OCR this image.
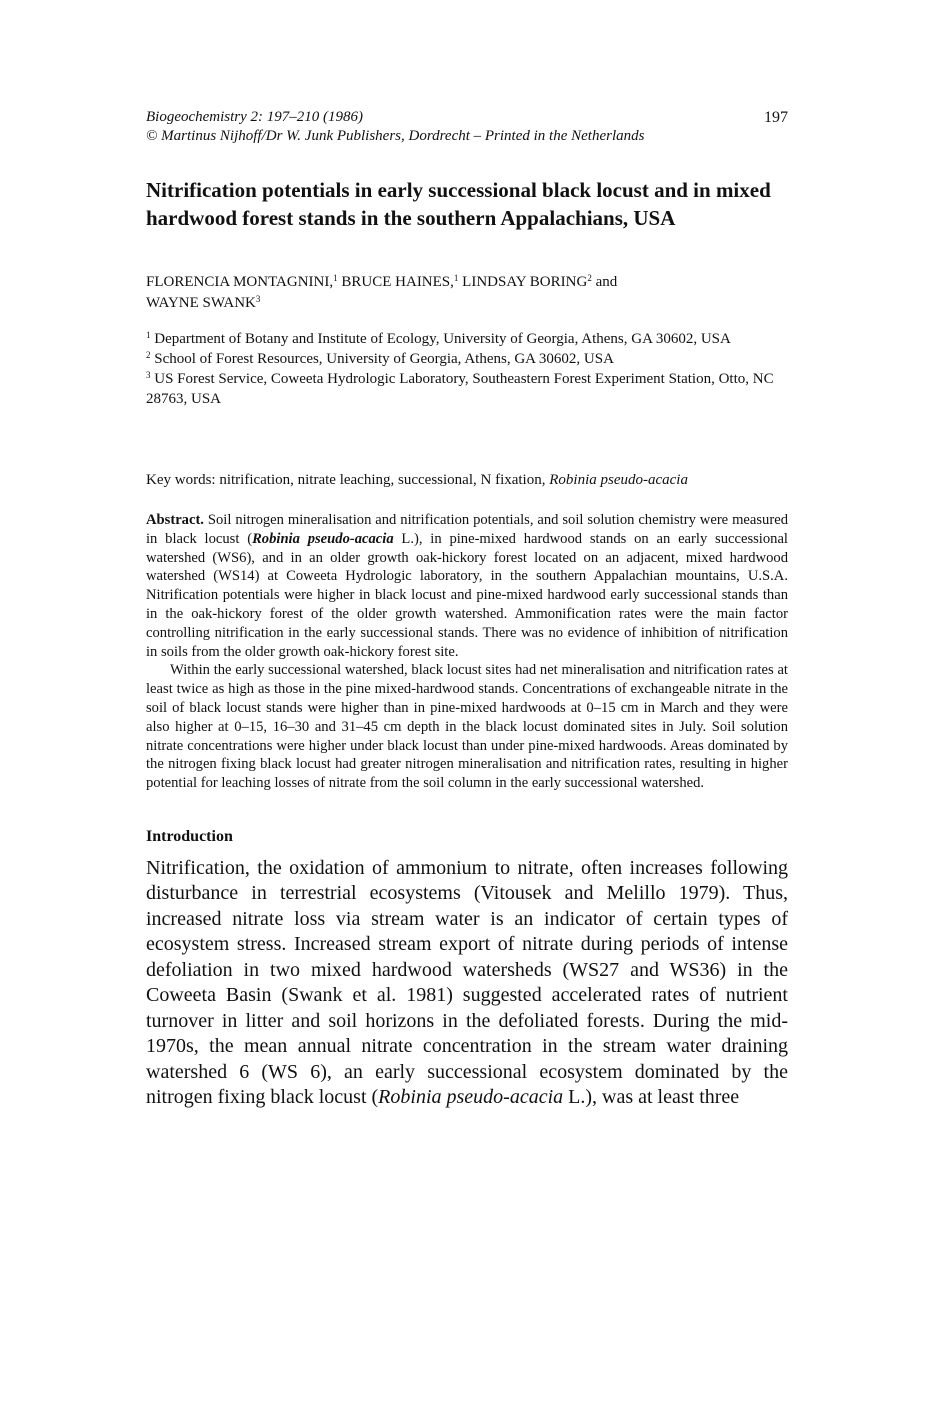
Biogeochemistry 2: 197–210 (1986)
© Martinus Nijhoff/Dr W. Junk Publishers, Dordrecht – Printed in the Netherlands
197
Nitrification potentials in early successional black locust and in mixed hardwood forest stands in the southern Appalachians, USA
FLORENCIA MONTAGNINI,$^1$ BRUCE HAINES,$^1$ LINDSAY BORING$^2$ and
WAYNE SWANK$^3$
$^1$ Department of Botany and Institute of Ecology, University of Georgia, Athens, GA 30602, USA
$^2$ School of Forest Resources, University of Georgia, Athens, GA 30602, USA
$^3$ US Forest Service, Coweeta Hydrologic Laboratory, Southeastern Forest Experiment Station, Otto, NC 28763, USA
Key words: nitrification, nitrate leaching, successional, N fixation, Robinia pseudo-acacia

Abstract. Soil nitrogen mineralisation and nitrification potentials, and soil solution chemistry were measured in black locust (Robinia pseudo-acacia L.), in pine-mixed hardwood stands on an early successional watershed (WS6), and in an older growth oak-hickory forest located on an adjacent, mixed hardwood watershed (WS14) at Coweeta Hydrologic laboratory, in the southern Appalachian mountains, U.S.A. Nitrification potentials were higher in black locust and pine-mixed hardwood early successional stands than in the oak-hickory forest of the older growth watershed. Ammonification rates were the main factor controlling nitrification in the early successional stands. There was no evidence of inhibition of nitrification in soils from the older growth oak-hickory forest site.

Within the early successional watershed, black locust sites had net mineralisation and nitrification rates at least twice as high as those in the pine mixed-hardwood stands. Concentrations of exchangeable nitrate in the soil of black locust stands were higher than in pine-mixed hardwoods at 0–15 cm in March and they were also higher at 0–15, 16–30 and 31–45 cm depth in the black locust dominated sites in July. Soil solution nitrate concentrations were higher under black locust than under pine-mixed hardwoods. Areas dominated by the nitrogen fixing black locust had greater nitrogen mineralisation and nitrification rates, resulting in higher potential for leaching losses of nitrate from the soil column in the early successional watershed.

Introduction

Nitrification, the oxidation of ammonium to nitrate, often increases following disturbance in terrestrial ecosystems (Vitousek and Melillo 1979). Thus, increased nitrate loss via stream water is an indicator of certain types of ecosystem stress. Increased stream export of nitrate during periods of intense defoliation in two mixed hardwood watersheds (WS27 and WS36) in the Coweeta Basin (Swank et al. 1981) suggested accelerated rates of nutrient turnover in litter and soil horizons in the defoliated forests. During the mid-1970s, the mean annual nitrate concentration in the stream water draining watershed 6 (WS 6), an early successional ecosystem dominated by the nitrogen fixing black locust (Robinia pseudo-acacia L.), was at least three
